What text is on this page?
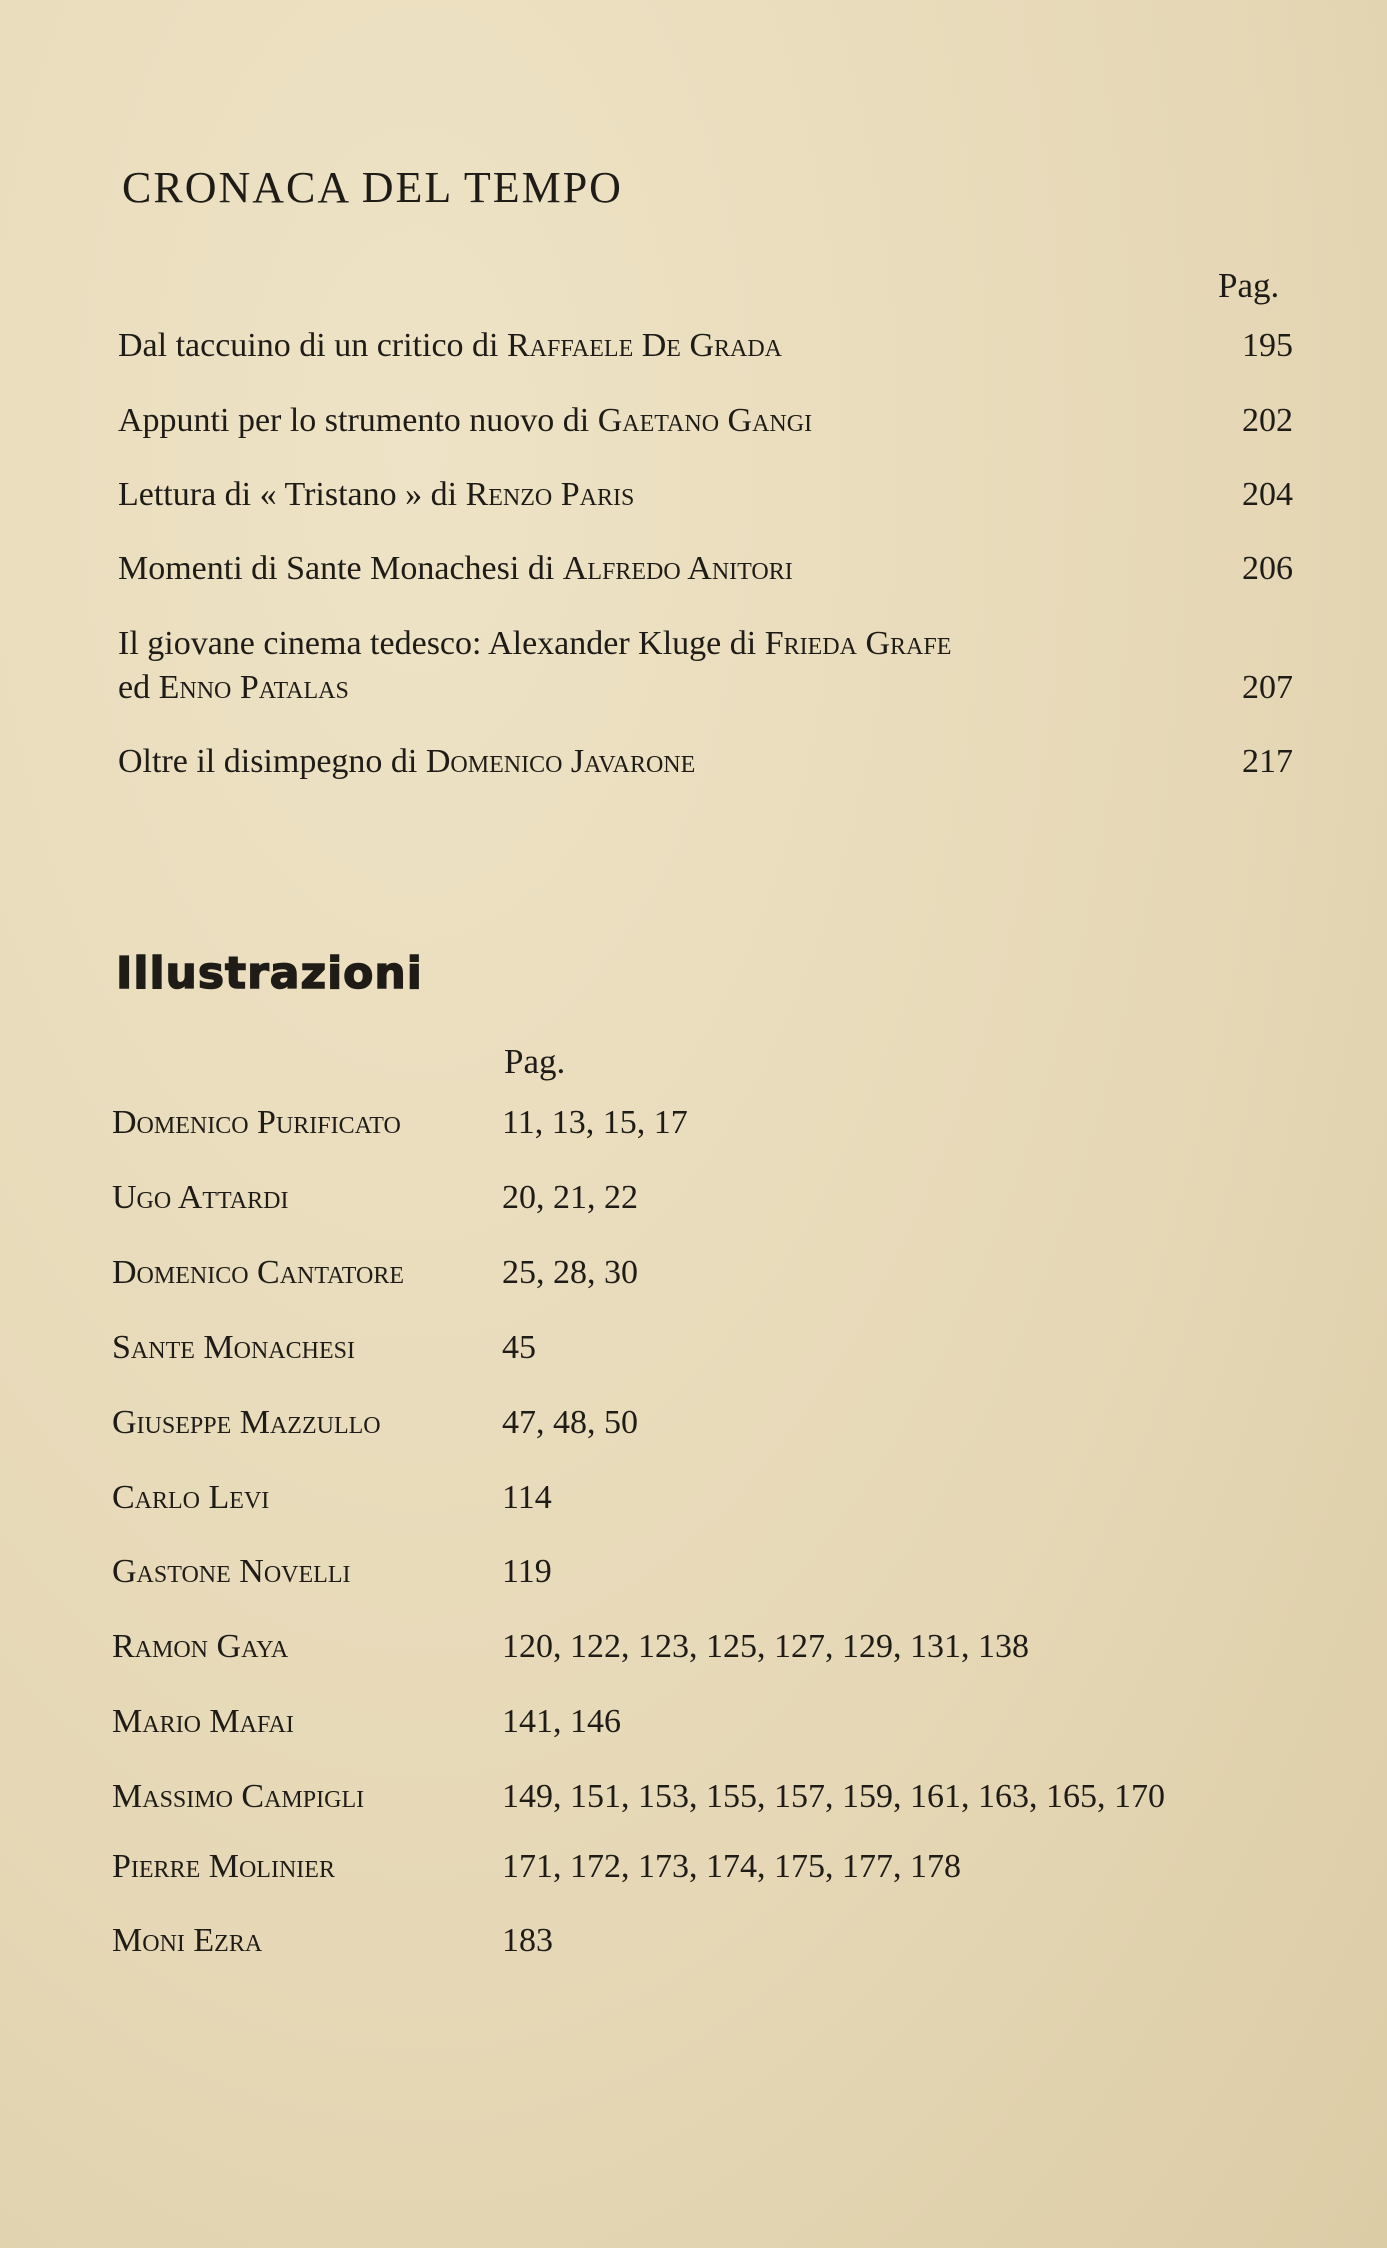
CRONACA DEL TEMPO
Pag.
Dal taccuino di un critico di Raffaele De Grada	195
Appunti per lo strumento nuovo di Gaetano Gangi	202
Lettura di « Tristano » di Renzo Paris	204
Momenti di Sante Monachesi di Alfredo Anitori	206
Il giovane cinema tedesco: Alexander Kluge di Frieda Grafe
ed Enno Patalas	207
Oltre il disimpegno di Domenico Javarone	217
Illustrazioni
Pag.
Domenico Purificato	11, 13, 15, 17
Ugo Attardi	20, 21, 22
Domenico Cantatore	25, 28, 30
Sante Monachesi	45
Giuseppe Mazzullo	47, 48, 50
Carlo Levi	114
Gastone Novelli	119
Ramon Gaya	120, 122, 123, 125, 127, 129, 131, 138
Mario Mafai	141, 146
Massimo Campigli	149, 151, 153, 155, 157, 159, 161, 163, 165, 170
Pierre Molinier	171, 172, 173, 174, 175, 177, 178
Moni Ezra	183
